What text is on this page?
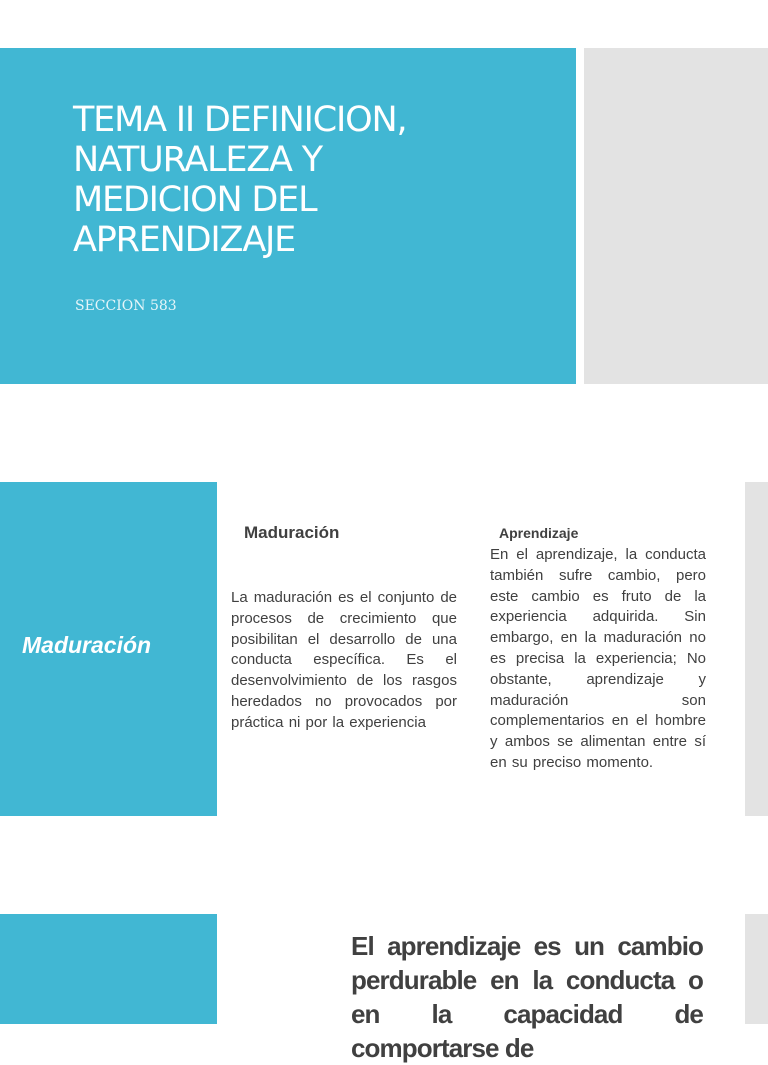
TEMA II DEFINICION,
NATURALEZA Y
MEDICION DEL
APRENDIZAJE
SECCION 583
Maduración
Maduración
La maduración es el conjunto de procesos de crecimiento que posibilitan el desarrollo de una conducta específica. Es el desenvolvimiento de los rasgos heredados no provocados por práctica ni por la experiencia
Aprendizaje
En el aprendizaje, la conducta también sufre cambio, pero este cambio es fruto de la experiencia adquirida. Sin embargo, en la maduración no es precisa la experiencia; No obstante, aprendizaje y maduración son complementarios en el hombre y ambos se alimentan entre sí en su preciso momento.
El aprendizaje es un cambio perdurable en la conducta o en la capacidad de comportarse de
